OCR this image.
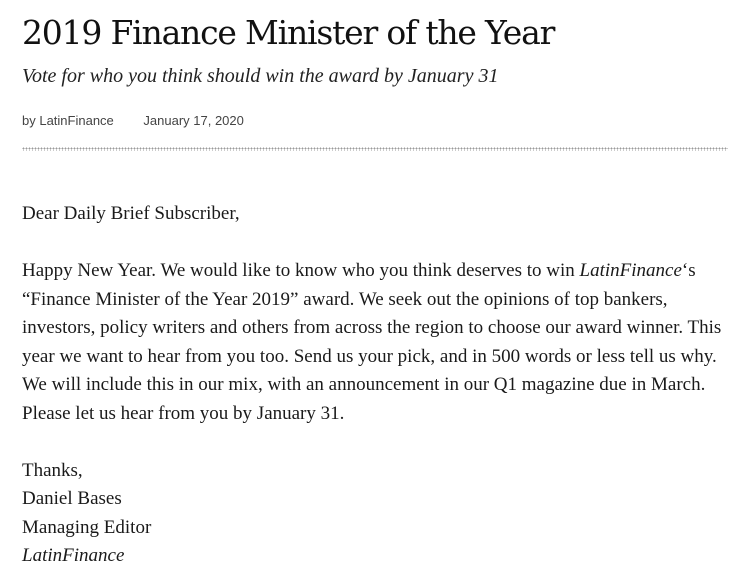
2019 Finance Minister of the Year
Vote for who you think should win the award by January 31
by LatinFinance January 17, 2020

Dear Daily Brief Subscriber,

Happy New Year. We would like to know who you think deserves to win LatinFinance‘s “Finance Minister of the Year 2019” award. We seek out the opinions of top bankers, investors, policy writers and others from across the region to choose our award winner. This year we want to hear from you too. Send us your pick, and in 500 words or less tell us why. We will include this in our mix, with an announcement in our Q1 magazine due in March. Please let us hear from you by January 31.

Thanks,

Daniel Bases

Managing Editor

LatinFinance
